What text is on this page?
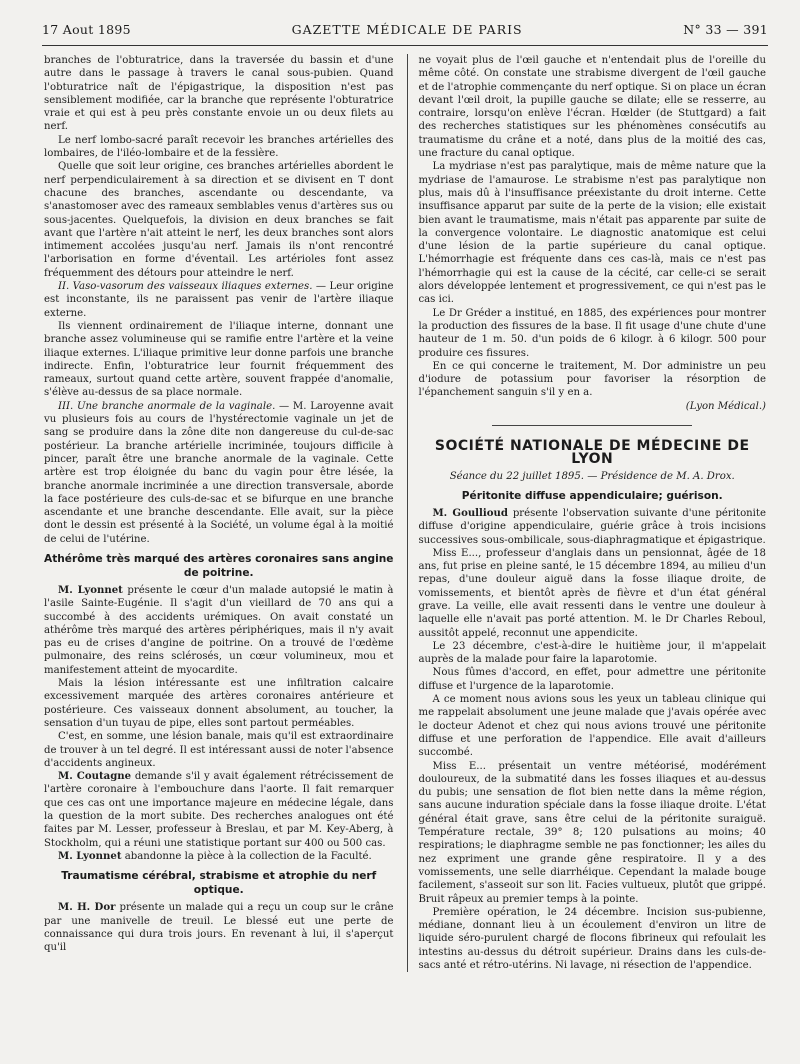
17 Aout 1895	GAZETTE MÉDICALE DE PARIS	N° 33 — 391

branches de l'obturatrice, dans la traversée du bassin et d'une autre dans le passage à travers le canal sous-pubien. Quand l'obturatrice naît de l'épigastrique, la disposition n'est pas sensiblement modifiée, car la branche que représente l'obturatrice vraie et qui est à peu près constante envoie un ou deux filets au nerf.

Le nerf lombo-sacré paraît recevoir les branches artérielles des lombaires, de l'iléo-lombaire et de la fessière.

Quelle que soit leur origine, ces branches artérielles abordent le nerf perpendiculairement à sa direction et se divisent en T dont chacune des branches, ascendante ou descendante, va s'anastomoser avec des rameaux semblables venus d'artères sus ou sous-jacentes. Quelquefois, la division en deux branches se fait avant que l'artère n'ait atteint le nerf, les deux branches sont alors intimement accolées jusqu'au nerf. Jamais ils n'ont rencontré l'arborisation en forme d'éventail. Les artérioles font assez fréquemment des détours pour atteindre le nerf.

II. Vaso-vasorum des vaisseaux iliaques externes. — Leur origine est inconstante, ils ne paraissent pas venir de l'artère iliaque externe.

Ils viennent ordinairement de l'iliaque interne, donnant une branche assez volumineuse qui se ramifie entre l'artère et la veine iliaque externes. L'iliaque primitive leur donne parfois une branche indirecte. Enfin, l'obturatrice leur fournit fréquemment des rameaux, surtout quand cette artère, souvent frappée d'anomalie, s'élève au-dessus de sa place normale.

III. Une branche anormale de la vaginale. — M. Laroyenne avait vu plusieurs fois au cours de l'hystérectomie vaginale un jet de sang se produire dans la zône dite non dangereuse du cul-de-sac postérieur. La branche artérielle incriminée, toujours difficile à pincer, paraît être une branche anormale de la vaginale. Cette artère est trop éloignée du banc du vagin pour être lésée, la branche anormale incriminée a une direction transversale, aborde la face postérieure des culs-de-sac et se bifurque en une branche ascendante et une branche descendante. Elle avait, sur la pièce dont le dessin est présenté à la Société, un volume égal à la moitié de celui de l'utérine.

Athérôme très marqué des artères coronaires sans angine de poitrine.

M. Lyonnet présente le cœur d'un malade autopsié le matin à l'asile Sainte-Eugénie. Il s'agit d'un vieillard de 70 ans qui a succombé à des accidents urémiques. On avait constaté un athérôme très marqué des artères périphériques, mais il n'y avait pas eu de crises d'angine de poitrine. On a trouvé de l'œdème pulmonaire, des reins sclérosés, un cœur volumineux, mou et manifestement atteint de myocardite.

Mais la lésion intéressante est une infiltration calcaire excessivement marquée des artères coronaires antérieure et postérieure. Ces vaisseaux donnent absolument, au toucher, la sensation d'un tuyau de pipe, elles sont partout perméables.

C'est, en somme, une lésion banale, mais qu'il est extraordinaire de trouver à un tel degré. Il est intéressant aussi de noter l'absence d'accidents angineux.

M. Coutagne demande s'il y avait également rétrécissement de l'artère coronaire à l'embouchure dans l'aorte. Il fait remarquer que ces cas ont une importance majeure en médecine légale, dans la question de la mort subite. Des recherches analogues ont été faites par M. Lesser, professeur à Breslau, et par M. Key-Aberg, à Stockholm, qui a réuni une statistique portant sur 400 ou 500 cas.

M. Lyonnet abandonne la pièce à la collection de la Faculté.

Traumatisme cérébral, strabisme et atrophie du nerf optique.

M. H. Dor présente un malade qui a reçu un coup sur le crâne par une manivelle de treuil. Le blessé eut une perte de connaissance qui dura trois jours. En revenant à lui, il s'aperçut qu'il

ne voyait plus de l'œil gauche et n'entendait plus de l'oreille du même côté. On constate une strabisme divergent de l'œil gauche et de l'atrophie commençante du nerf optique. Si on place un écran devant l'œil droit, la pupille gauche se dilate; elle se resserre, au contraire, lorsqu'on enlève l'écran. Hœlder (de Stuttgard) a fait des recherches statistiques sur les phénomènes consécutifs au traumatisme du crâne et a noté, dans plus de la moitié des cas, une fracture du canal optique.

La mydriase n'est pas paralytique, mais de même nature que la mydriase de l'amaurose. Le strabisme n'est pas paralytique non plus, mais dû à l'insuffisance préexistante du droit interne. Cette insuffisance apparut par suite de la perte de la vision; elle existait bien avant le traumatisme, mais n'était pas apparente par suite de la convergence volontaire. Le diagnostic anatomique est celui d'une lésion de la partie supérieure du canal optique. L'hémorrhagie est fréquente dans ces cas-là, mais ce n'est pas l'hémorrhagie qui est la cause de la cécité, car celle-ci se serait alors développée lentement et progressivement, ce qui n'est pas le cas ici.

Le Dr Gréder a institué, en 1885, des expériences pour montrer la production des fissures de la base. Il fit usage d'une chute d'une hauteur de 1 m. 50. d'un poids de 6 kilogr. à 6 kilogr. 500 pour produire ces fissures.

En ce qui concerne le traitement, M. Dor administre un peu d'iodure de potassium pour favoriser la résorption de l'épanchement sanguin s'il y en a.

(Lyon Médical.)
SOCIÉTÉ NATIONALE DE MÉDECINE DE LYON
Séance du 22 juillet 1895. — Présidence de M. A. Drox.
Péritonite diffuse appendiculaire; guérison.

M. Goullioud présente l'observation suivante d'une péritonite diffuse d'origine appendiculaire, guérie grâce à trois incisions successives sous-ombilicale, sous-diaphragmatique et épigastrique.

Miss E..., professeur d'anglais dans un pensionnat, âgée de 18 ans, fut prise en pleine santé, le 15 décembre 1894, au milieu d'un repas, d'une douleur aiguë dans la fosse iliaque droite, de vomissements, et bientôt après de fièvre et d'un état général grave. La veille, elle avait ressenti dans le ventre une douleur à laquelle elle n'avait pas porté attention. M. le Dr Charles Reboul, aussitôt appelé, reconnut une appendicite.

Le 23 décembre, c'est-à-dire le huitième jour, il m'appelait auprès de la malade pour faire la laparotomie.

Nous fûmes d'accord, en effet, pour admettre une péritonite diffuse et l'urgence de la laparotomie.

A ce moment nous avions sous les yeux un tableau clinique qui me rappelait absolument une jeune malade que j'avais opérée avec le docteur Adenot et chez qui nous avions trouvé une péritonite diffuse et une perforation de l'appendice. Elle avait d'ailleurs succombé.

Miss E... présentait un ventre météorisé, modérément douloureux, de la submatité dans les fosses iliaques et au-dessus du pubis; une sensation de flot bien nette dans la même région, sans aucune induration spéciale dans la fosse iliaque droite. L'état général était grave, sans être celui de la péritonite suraiguë. Température rectale, 39° 8; 120 pulsations au moins; 40 respirations; le diaphragme semble ne pas fonctionner; les ailes du nez expriment une grande gêne respiratoire. Il y a des vomissements, une selle diarrhéique. Cependant la malade bouge facilement, s'asseoit sur son lit. Facies vultueux, plutôt que grippé. Bruit râpeux au premier temps à la pointe.

Première opération, le 24 décembre. Incision sus-pubienne, médiane, donnant lieu à un écoulement d'environ un litre de liquide séro-purulent chargé de flocons fibrineux qui refoulait les intestins au-dessus du détroit supérieur. Drains dans les culs-de-sacs anté et rétro-utérins. Ni lavage, ni résection de l'appendice.
